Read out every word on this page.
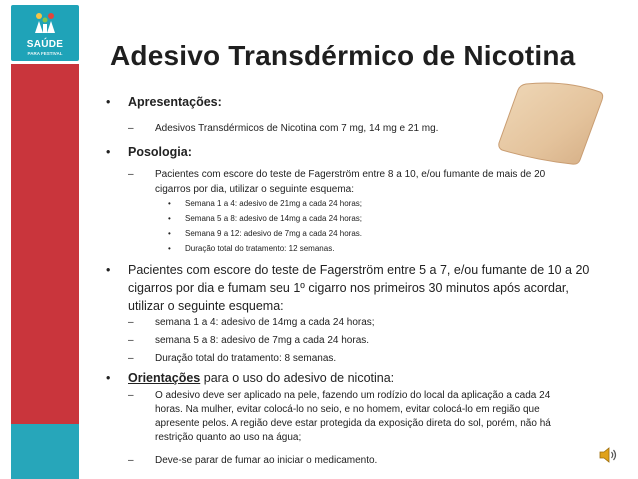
SAÚDE
PARA FESTIVAL	Adesivo Transdérmico de Nicotina
• Apresentações:
– Adesivos Transdérmicos de Nicotina com 7 mg, 14 mg e 21 mg.
• Posologia:
– Pacientes com escore do teste de Fagerström entre 8 a 10, e/ou fumante de mais de 20
cigarros por dia, utilizar o seguinte esquema:
• Semana 1 a 4: adesivo de 21mg a cada 24 horas;
• Semana 5 a 8: adesivo de 14mg a cada 24 horas;
• Semana 9 a 12: adesivo de 7mg a cada 24 horas.
• Duração total do tratamento: 12 semanas.
• Pacientes com escore do teste de Fagerström entre 5 a 7, e/ou fumante de 10 a 20
cigarros por dia e fumam seu 1º cigarro nos primeiros 30 minutos após acordar,
utilizar o seguinte esquema:
– semana 1 a 4: adesivo de 14mg a cada 24 horas;
– semana 5 a 8: adesivo de 7mg a cada 24 horas.
– Duração total do tratamento: 8 semanas.
• Orientações para o uso do adesivo de nicotina:
– O adesivo deve ser aplicado na pele, fazendo um rodízio do local da aplicação a cada 24
horas. Na mulher, evitar colocá-lo no seio, e no homem, evitar colocá-lo em região que
apresente pelos. A região deve estar protegida da exposição direta do sol, porém, não há
restrição quanto ao uso na água;
– Deve-se parar de fumar ao iniciar o medicamento.
